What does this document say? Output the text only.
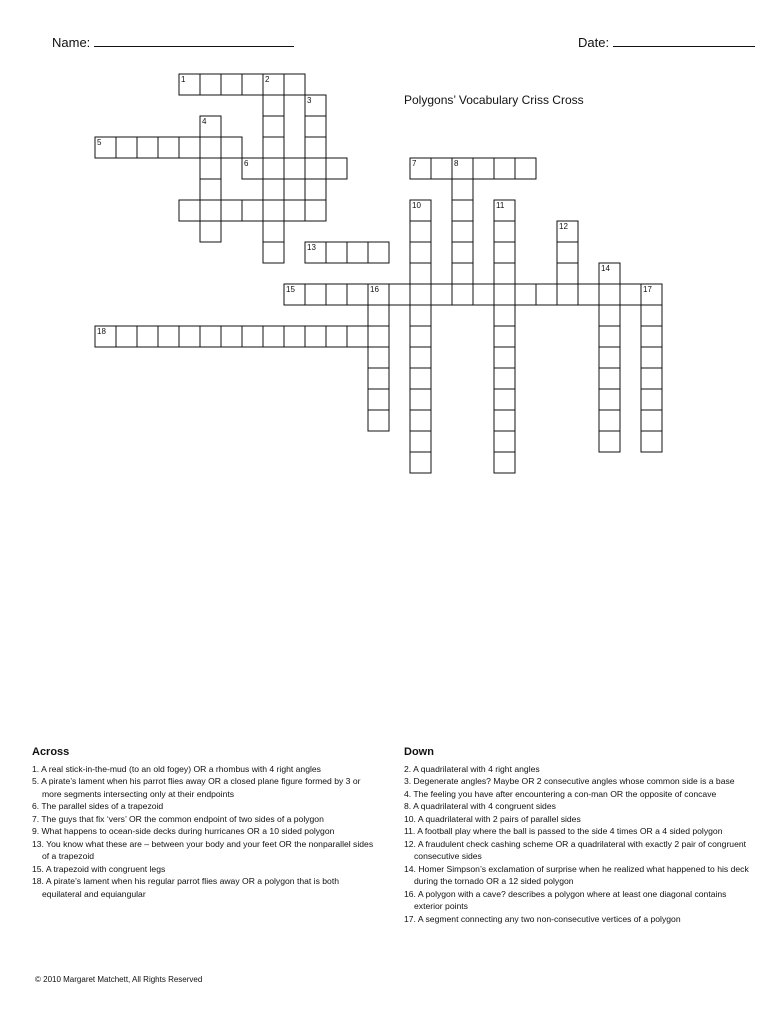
Name:	Date:
Polygons’ Vocabulary Criss Cross
1	2
3
4
5
6	7	8
10	11
12
13
14
15	16	17
18
Across
1. A real stick-in-the-mud (to an old fogey) OR a rhombus with 4 right angles
5. A pirate’s lament when his parrot flies away OR a closed plane figure formed by 3 or more segments intersecting only at their endpoints
6. The parallel sides of a trapezoid
7. The guys that fix ‘vers’ OR the common endpoint of two sides of a polygon
9. What happens to ocean-side decks during hurricanes OR a 10 sided polygon
13. You know what these are – between your body and your feet OR the nonparallel sides of a trapezoid
15. A trapezoid with congruent legs
18. A pirate’s lament when his regular parrot flies away OR a polygon that is both equilateral and equiangular
Down
2. A quadrilateral with 4 right angles
3. Degenerate angles? Maybe OR 2 consecutive angles whose common side is a base
4. The feeling you have after encountering a con-man OR the opposite of concave
8. A quadrilateral with 4 congruent sides
10. A quadrilateral with 2 pairs of parallel sides
11. A football play where the ball is passed to the side 4 times OR a 4 sided polygon
12. A fraudulent check cashing scheme OR a quadrilateral with exactly 2 pair of congruent consecutive sides
14. Homer Simpson’s exclamation of surprise when he realized what happened to his deck during the tornado OR a 12 sided polygon
16. A polygon with a cave? describes a polygon where at least one diagonal contains exterior points
17. A segment connecting any two non-consecutive vertices of a polygon
© 2010 Margaret Matchett, All Rights Reserved
